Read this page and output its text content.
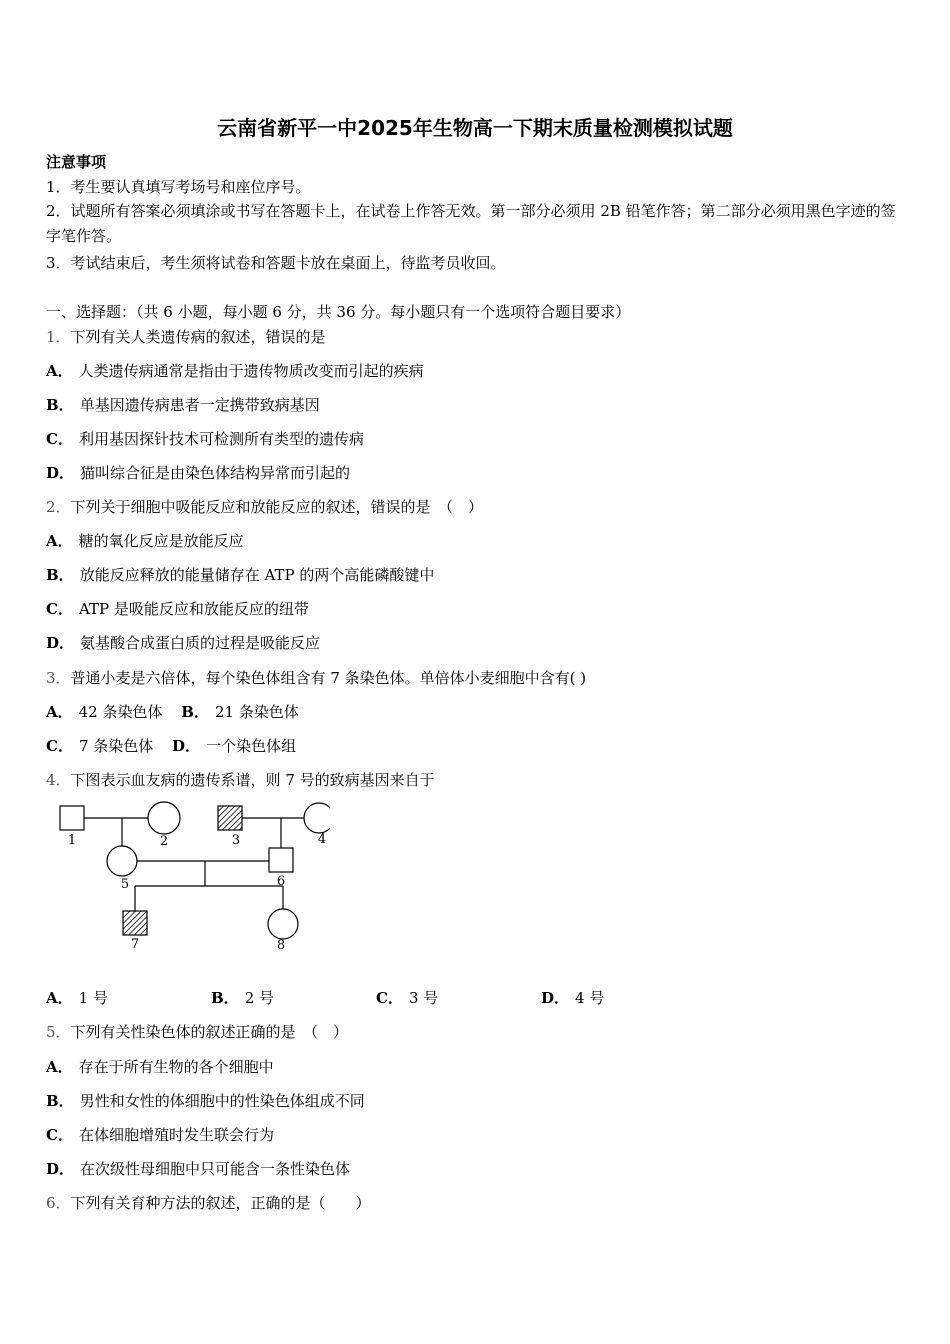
云南省新平一中2025年生物高一下期末质量检测模拟试题
注意事项
1．考生要认真填写考场号和座位序号。
2．试题所有答案必须填涂或书写在答题卡上，在试卷上作答无效。第一部分必须用 2B 铅笔作答；第二部分必须用黑色字迹的签字笔作答。
3．考试结束后，考生须将试卷和答题卡放在桌面上，待监考员收回。
一、选择题：（共 6 小题，每小题 6 分，共 36 分。每小题只有一个选项符合题目要求）
1．下列有关人类遗传病的叙述，错误的是
A． 人类遗传病通常是指由于遗传物质改变而引起的疾病
B． 单基因遗传病患者一定携带致病基因
C． 利用基因探针技术可检测所有类型的遗传病
D． 猫叫综合征是由染色体结构异常而引起的
2．下列关于细胞中吸能反应和放能反应的叙述，错误的是　（　）
A． 糖的氧化反应是放能反应
B． 放能反应释放的能量储存在 ATP 的两个高能磷酸键中
C． ATP 是吸能反应和放能反应的纽带
D． 氨基酸合成蛋白质的过程是吸能反应
3．普通小麦是六倍体，每个染色体组含有 7 条染色体。单倍体小麦细胞中含有( )
A． 42 条染色体 B． 21 条染色体
C． 7 条染色体 D． 一个染色体组
4．下图表示血友病的遗传系谱，则 7 号的致病基因来自于
1	2	3	4
5	6
7	8
A． 1 号	B． 2 号	C． 3 号	D． 4 号
5．下列有关性染色体的叙述正确的是　（　）
A． 存在于所有生物的各个细胞中
B． 男性和女性的体细胞中的性染色体组成不同
C． 在体细胞增殖时发生联会行为
D． 在次级性母细胞中只可能含一条性染色体
6．下列有关育种方法的叙述，正确的是（　　）
